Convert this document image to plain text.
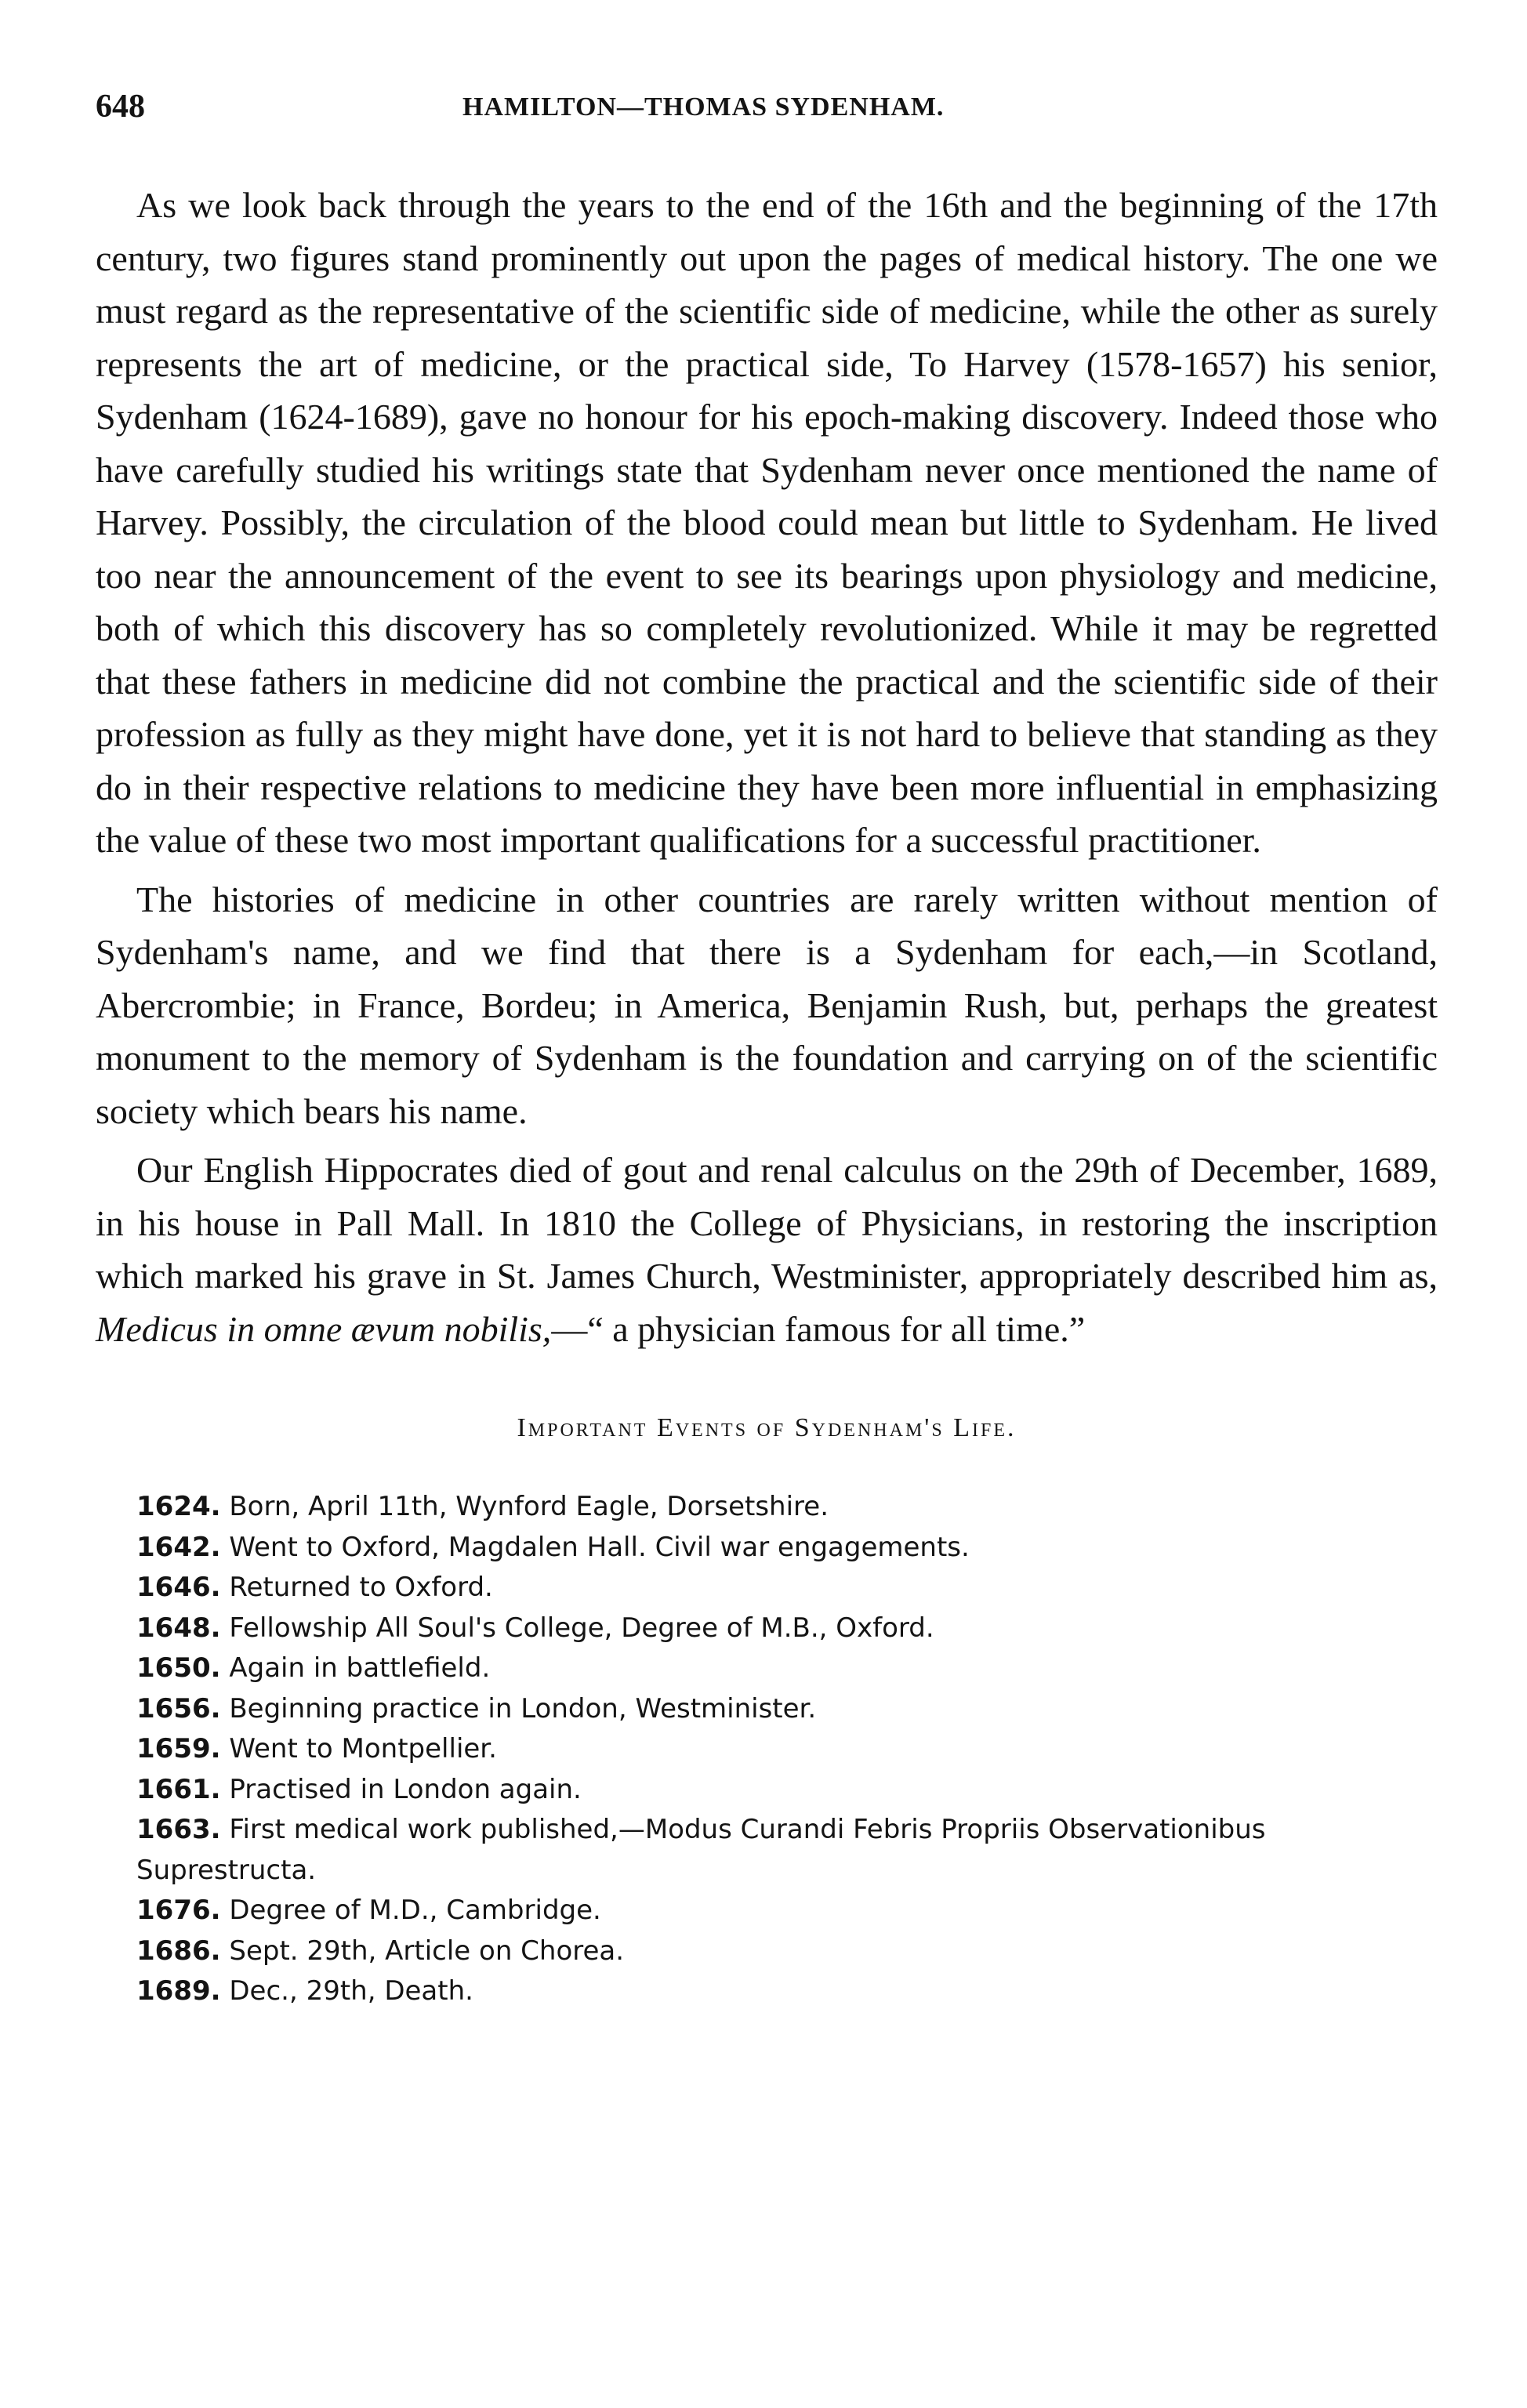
648	HAMILTON—THOMAS SYDENHAM.

As we look back through the years to the end of the 16th and the beginning of the 17th century, two figures stand prominently out upon the pages of medical history. The one we must regard as the representative of the scientific side of medicine, while the other as surely represents the art of medicine, or the practical side, To Harvey (1578-1657) his senior, Sydenham (1624-1689), gave no honour for his epoch-making discovery. Indeed those who have carefully studied his writings state that Sydenham never once mentioned the name of Harvey. Possibly, the circulation of the blood could mean but little to Sydenham. He lived too near the announcement of the event to see its bearings upon physiology and medicine, both of which this discovery has so completely revolutionized. While it may be regretted that these fathers in medicine did not combine the practical and the scientific side of their profession as fully as they might have done, yet it is not hard to believe that standing as they do in their respective relations to medicine they have been more influential in emphasizing the value of these two most important qualifications for a successful practitioner.

The histories of medicine in other countries are rarely written without mention of Sydenham's name, and we find that there is a Sydenham for each,—in Scotland, Abercrombie; in France, Bordeu; in America, Benjamin Rush, but, perhaps the greatest monument to the memory of Sydenham is the foundation and carrying on of the scientific society which bears his name.

Our English Hippocrates died of gout and renal calculus on the 29th of December, 1689, in his house in Pall Mall. In 1810 the College of Physicians, in restoring the inscription which marked his grave in St. James Church, Westminister, appropriately described him as, Medicus in omne ævum nobilis,—“ a physician famous for all time.”

Important Events of Sydenham's Life.
1624. Born, April 11th, Wynford Eagle, Dorsetshire.
1642. Went to Oxford, Magdalen Hall. Civil war engagements.
1646. Returned to Oxford.
1648. Fellowship All Soul's College, Degree of M.B., Oxford.
1650. Again in battlefield.
1656. Beginning practice in London, Westminister.
1659. Went to Montpellier.
1661. Practised in London again.
1663. First medical work published,—Modus Curandi Febris Propriis Observationibus Suprestructa.
1676. Degree of M.D., Cambridge.
1686. Sept. 29th, Article on Chorea.
1689. Dec., 29th, Death.
